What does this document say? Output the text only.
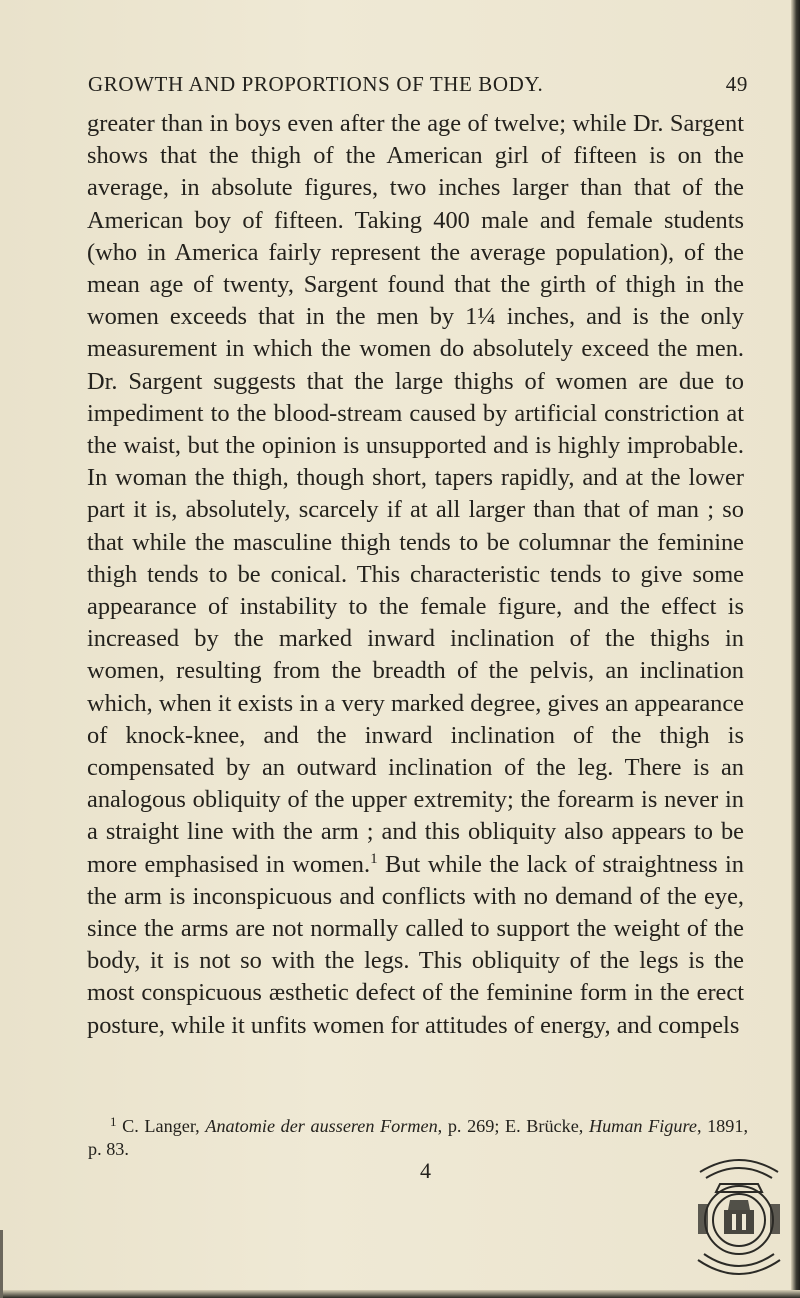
GROWTH AND PROPORTIONS OF THE BODY.	49

greater than in boys even after the age of twelve; while Dr. Sargent shows that the thigh of the American girl of fifteen is on the average, in absolute figures, two inches larger than that of the American boy of fifteen. Taking 400 male and female students (who in America fairly represent the average population), of the mean age of twenty, Sargent found that the girth of thigh in the women exceeds that in the men by 1¼ inches, and is the only measurement in which the women do absolutely exceed the men. Dr. Sargent suggests that the large thighs of women are due to impediment to the blood-stream caused by artificial constriction at the waist, but the opinion is unsupported and is highly improbable. In woman the thigh, though short, tapers rapidly, and at the lower part it is, absolutely, scarcely if at all larger than that of man ; so that while the masculine thigh tends to be columnar the feminine thigh tends to be conical. This characteristic tends to give some appearance of instability to the female figure, and the effect is increased by the marked inward inclination of the thighs in women, resulting from the breadth of the pelvis, an inclination which, when it exists in a very marked degree, gives an appearance of knock-knee, and the inward inclination of the thigh is compensated by an outward inclination of the leg. There is an analogous obliquity of the upper extremity; the forearm is never in a straight line with the arm ; and this obliquity also appears to be more emphasised in women.$^1$ But while the lack of straightness in the arm is inconspicuous and conflicts with no demand of the eye, since the arms are not normally called to support the weight of the body, it is not so with the legs. This obliquity of the legs is the most conspicuous æsthetic defect of the feminine form in the erect posture, while it unfits women for attitudes of energy, and compels

$^1$ C. Langer, Anatomie der ausseren Formen, p. 269; E. Brücke, Human Figure, 1891, p. 83.

4
